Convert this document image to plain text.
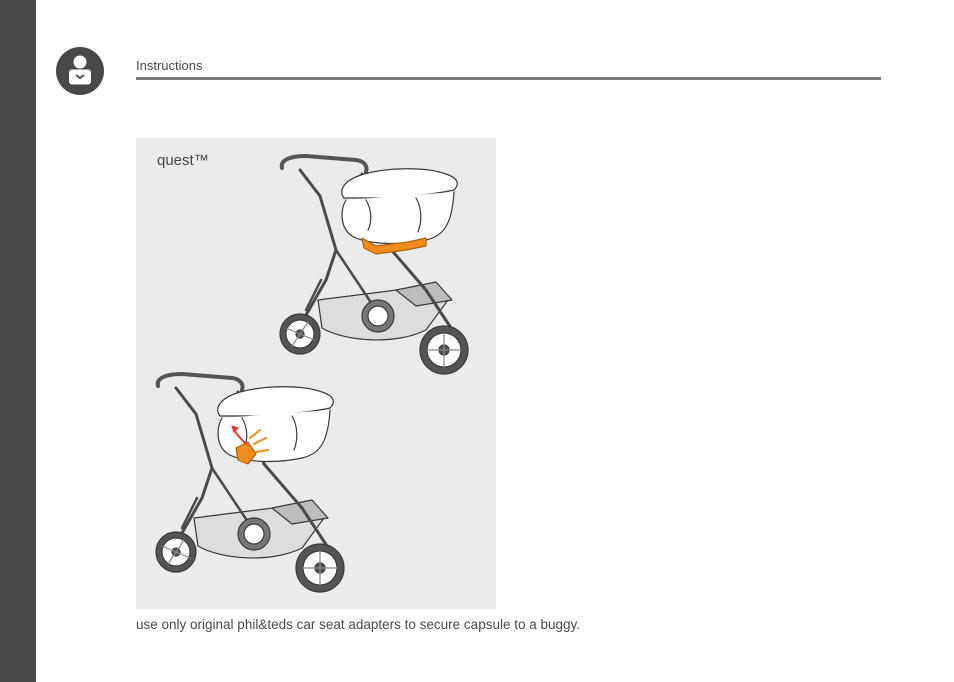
Instructions
quest™
use only original phil&teds car seat adapters to secure capsule to a buggy.
